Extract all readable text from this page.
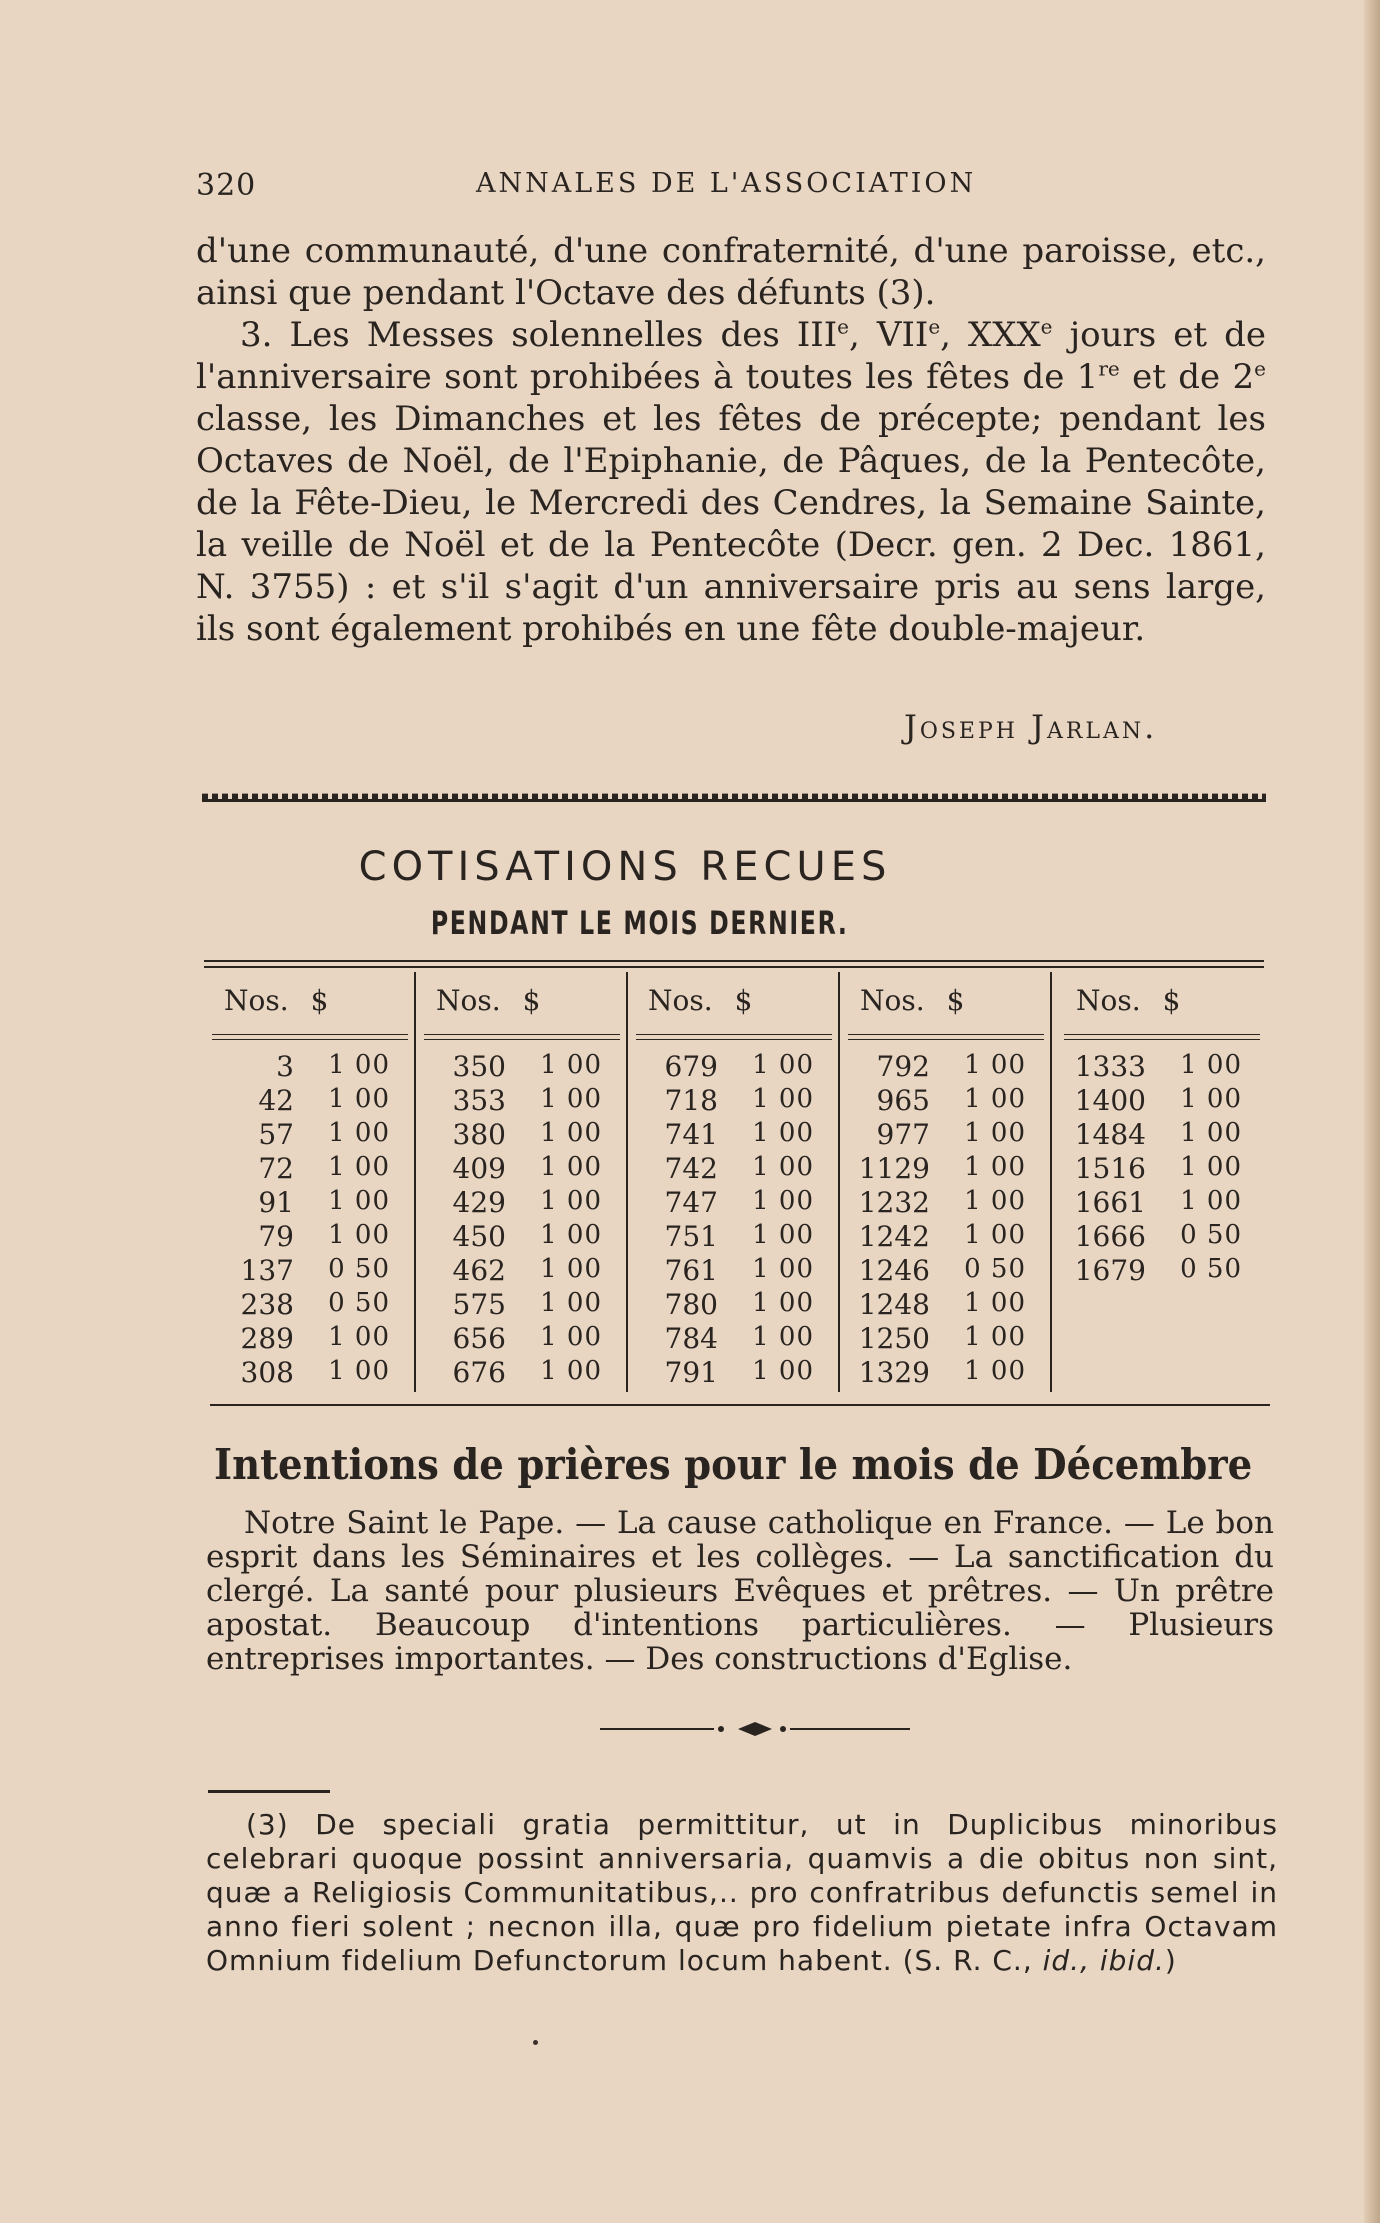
320	ANNALES DE L'ASSOCIATION

d'une communauté, d'une confraternité, d'une paroisse, etc., ainsi que pendant l'Octave des défunts (3).

3. Les Messes solennelles des IIIe, VIIe, XXXe jours et de l'anniversaire sont prohibées à toutes les fêtes de 1re et de 2e classe, les Dimanches et les fêtes de précepte; pendant les Octaves de Noël, de l'Epiphanie, de Pâques, de la Pentecôte, de la Fête-Dieu, le Mercredi des Cendres, la Semaine Sainte, la veille de Noël et de la Pentecôte (Decr. gen. 2 Dec. 1861, N. 3755) : et s'il s'agit d'un anniversaire pris au sens large, ils sont également prohibés en une fête double-majeur.

Joseph Jarlan.
COTISATIONS RECUES
PENDANT LE MOIS DERNIER.
Nos. $
3 1 00
42 1 00
57 1 00
72 1 00
91 1 00
79 1 00
137 0 50
238 0 50
289 1 00
308 1 00
Nos. $
350 1 00
353 1 00
380 1 00
409 1 00
429 1 00
450 1 00
462 1 00
575 1 00
656 1 00
676 1 00
Nos. $
679 1 00
718 1 00
741 1 00
742 1 00
747 1 00
751 1 00
761 1 00
780 1 00
784 1 00
791 1 00
Nos. $
792 1 00
965 1 00
977 1 00
1129 1 00
1232 1 00
1242 1 00
1246 0 50
1248 1 00
1250 1 00
1329 1 00
Nos. $
1333 1 00
1400 1 00
1484 1 00
1516 1 00
1661 1 00
1666 0 50
1679 0 50
Intentions de prières pour le mois de Décembre

Notre Saint le Pape. — La cause catholique en France. — Le bon esprit dans les Séminaires et les collèges. — La sanctification du clergé. La santé pour plusieurs Evêques et prêtres. — Un prêtre apostat. Beaucoup d'intentions particulières. — Plusieurs entreprises importantes. — Des constructions d'Eglise.

(3) De speciali gratia permittitur, ut in Duplicibus minoribus celebrari quoque possint anniversaria, quamvis a die obitus non sint, quæ a Religiosis Communitatibus,.. pro confratribus defunctis semel in anno fieri solent ; necnon illa, quæ pro fidelium pietate infra Octavam Omnium fidelium Defunctorum locum habent. (S. R. C., id., ibid.)
